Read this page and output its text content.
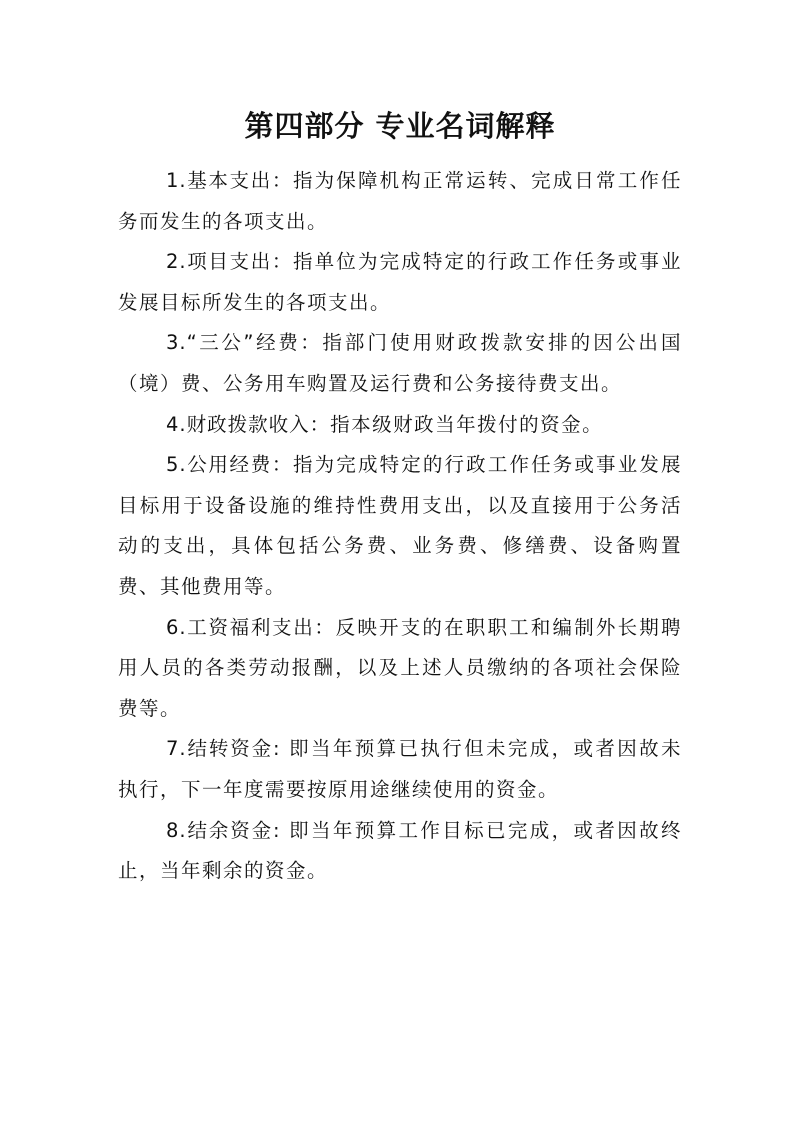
第四部分 专业名词解释

1.基本支出：指为保障机构正常运转、完成日常工作任务而发生的各项支出。

2.项目支出：指单位为完成特定的行政工作任务或事业发展目标所发生的各项支出。

3.“三公”经费：指部门使用财政拨款安排的因公出国（境）费、公务用车购置及运行费和公务接待费支出。

4.财政拨款收入：指本级财政当年拨付的资金。

5.公用经费：指为完成特定的行政工作任务或事业发展目标用于设备设施的维持性费用支出，以及直接用于公务活动的支出，具体包括公务费、业务费、修缮费、设备购置费、其他费用等。

6.工资福利支出：反映开支的在职职工和编制外长期聘用人员的各类劳动报酬，以及上述人员缴纳的各项社会保险费等。

7.结转资金: 即当年预算已执行但未完成，或者因故未执行，下一年度需要按原用途继续使用的资金。

8.结余资金: 即当年预算工作目标已完成，或者因故终止，当年剩余的资金。
